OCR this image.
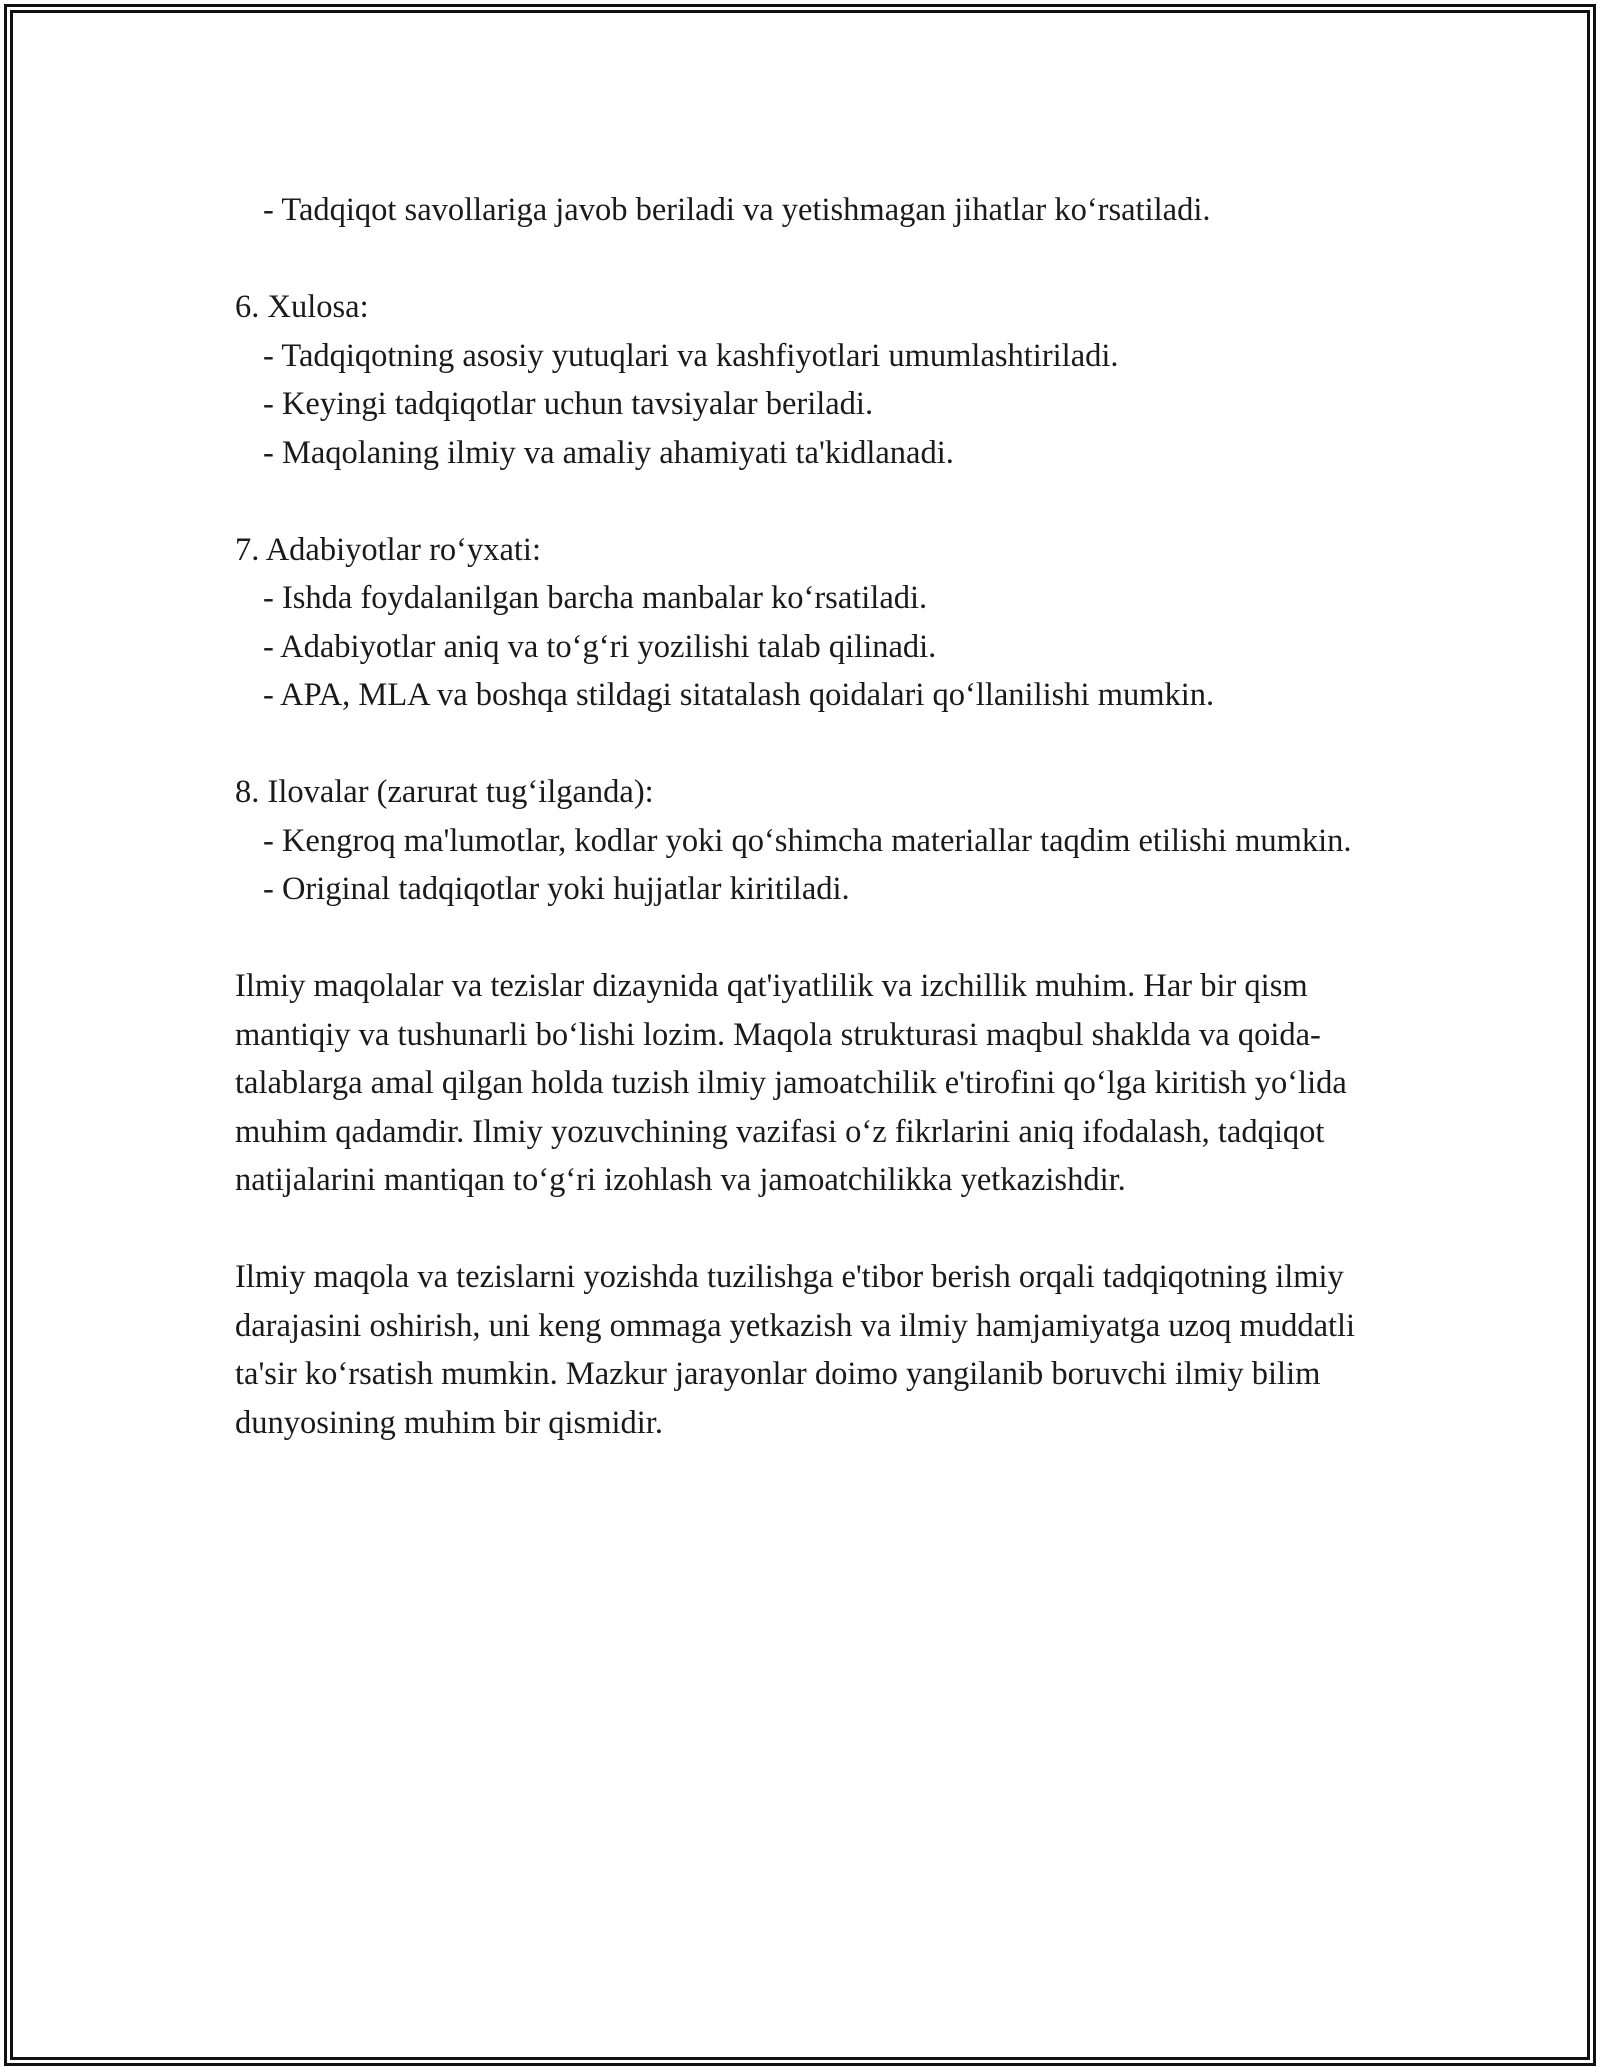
- Tadqiqot savollariga javob beriladi va yetishmagan jihatlar ko‘rsatiladi.
6. Xulosa:
- Tadqiqotning asosiy yutuqlari va kashfiyotlari umumlashtiriladi.
- Keyingi tadqiqotlar uchun tavsiyalar beriladi.
- Maqolaning ilmiy va amaliy ahamiyati ta'kidlanadi.
7. Adabiyotlar ro‘yxati:
- Ishda foydalanilgan barcha manbalar ko‘rsatiladi.
- Adabiyotlar aniq va to‘g‘ri yozilishi talab qilinadi.
- APA, MLA va boshqa stildagi sitatalash qoidalari qo‘llanilishi mumkin.
8. Ilovalar (zarurat tug‘ilganda):
- Kengroq ma'lumotlar, kodlar yoki qo‘shimcha materiallar taqdim etilishi mumkin.
- Original tadqiqotlar yoki hujjatlar kiritiladi.
Ilmiy maqolalar va tezislar dizaynida qat'iyatlilik va izchillik muhim. Har bir qism mantiqiy va tushunarli bo‘lishi lozim. Maqola strukturasi maqbul shaklda va qoida-talablarga amal qilgan holda tuzish ilmiy jamoatchilik e'tirofini qo‘lga kiritish yo‘lida muhim qadamdir. Ilmiy yozuvchining vazifasi o‘z fikrlarini aniq ifodalash, tadqiqot natijalarini mantiqan to‘g‘ri izohlash va jamoatchilikka yetkazishdir.
Ilmiy maqola va tezislarni yozishda tuzilishga e'tibor berish orqali tadqiqotning ilmiy darajasini oshirish, uni keng ommaga yetkazish va ilmiy hamjamiyatga uzoq muddatli ta'sir ko‘rsatish mumkin. Mazkur jarayonlar doimo yangilanib boruvchi ilmiy bilim dunyosining muhim bir qismidir.
